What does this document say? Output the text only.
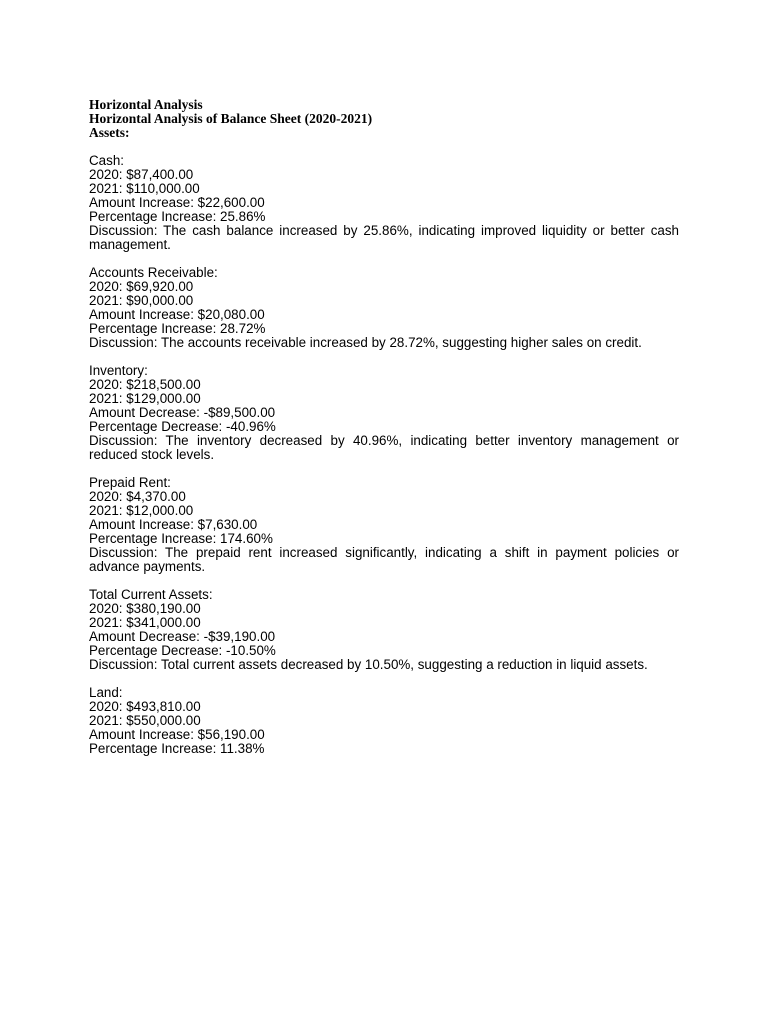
Horizontal Analysis

Horizontal Analysis of Balance Sheet (2020-2021)

Assets:

Cash:

2020: $87,400.00

2021: $110,000.00

Amount Increase: $22,600.00

Percentage Increase: 25.86%

Discussion: The cash balance increased by 25.86%, indicating improved liquidity or better cash management.

Accounts Receivable:

2020: $69,920.00

2021: $90,000.00

Amount Increase: $20,080.00

Percentage Increase: 28.72%

Discussion: The accounts receivable increased by 28.72%, suggesting higher sales on credit.

Inventory:

2020: $218,500.00

2021: $129,000.00

Amount Decrease: -$89,500.00

Percentage Decrease: -40.96%

Discussion: The inventory decreased by 40.96%, indicating better inventory management or reduced stock levels.

Prepaid Rent:

2020: $4,370.00

2021: $12,000.00

Amount Increase: $7,630.00

Percentage Increase: 174.60%

Discussion: The prepaid rent increased significantly, indicating a shift in payment policies or advance payments.

Total Current Assets:

2020: $380,190.00

2021: $341,000.00

Amount Decrease: -$39,190.00

Percentage Decrease: -10.50%

Discussion: Total current assets decreased by 10.50%, suggesting a reduction in liquid assets.

Land:

2020: $493,810.00

2021: $550,000.00

Amount Increase: $56,190.00

Percentage Increase: 11.38%
